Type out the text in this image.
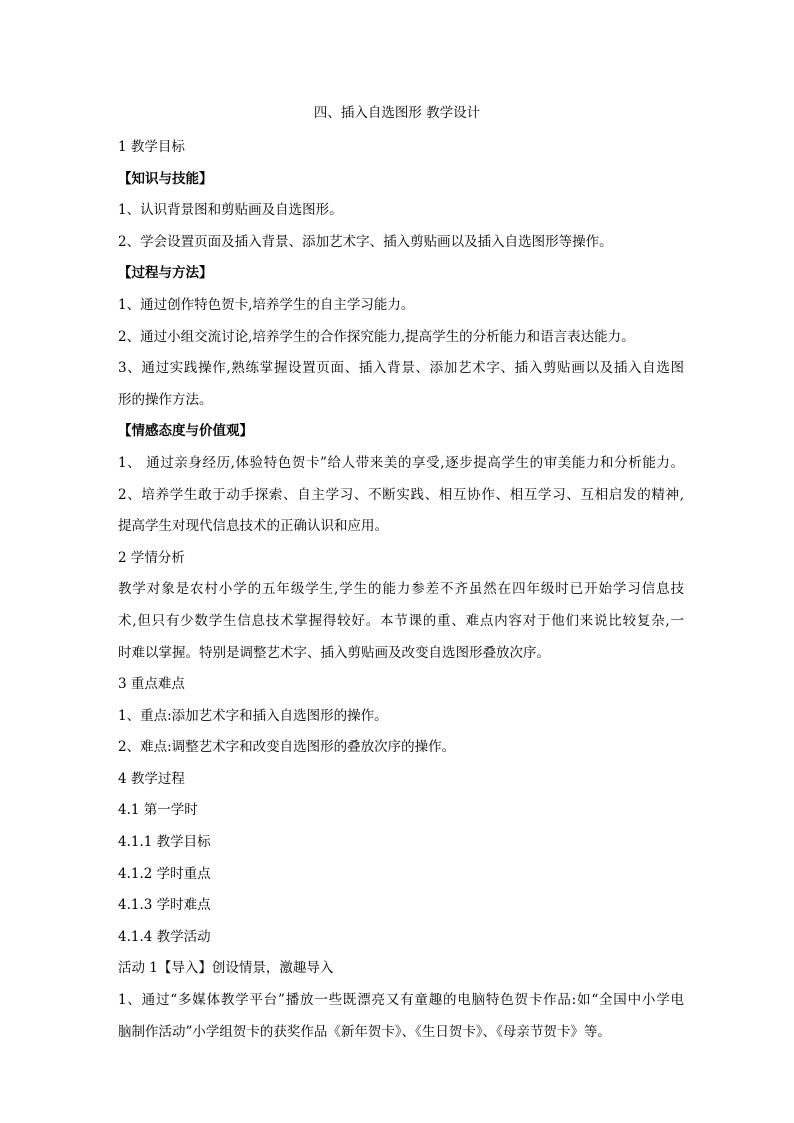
四、插入自选图形 教学设计
1 教学目标
【知识与技能】
1、认识背景图和剪贴画及自选图形。
2、学会设置页面及插入背景、添加艺术字、插入剪贴画以及插入自选图形等操作。
【过程与方法】
1、通过创作特色贺卡,培养学生的自主学习能力。
2、通过小组交流讨论,培养学生的合作探究能力,提高学生的分析能力和语言表达能力。
3、通过实践操作,熟练掌握设置页面、插入背景、添加艺术字、插入剪贴画以及插入自选图
形的操作方法。
【情感态度与价值观】
1、 通过亲身经历,体验特色贺卡”给人带来美的享受,逐步提高学生的审美能力和分析能力。
2、培养学生敢于动手探索、自主学习、不断实践、相互协作、相互学习、互相启发的精神,
提高学生对现代信息技术的正确认识和应用。
2 学情分析
教学对象是农村小学的五年级学生,学生的能力参差不齐虽然在四年级时已开始学习信息技
术,但只有少数学生信息技术掌握得较好。本节课的重、难点内容对于他们来说比较复杂,一
时难以掌握。特别是调整艺术字、插入剪贴画及改变自选图形叠放次序。
3 重点难点
1、重点:添加艺术字和插入自选图形的操作。
2、难点:调整艺术字和改变自选图形的叠放次序的操作。
4 教学过程
4.1 第一学时
4.1.1 教学目标
4.1.2 学时重点
4.1.3 学时难点
4.1.4 教学活动
活动 1【导入】创设情景，激趣导入
1、通过“多媒体教学平台”播放一些既漂亮又有童趣的电脑特色贺卡作品:如“全国中小学电
脑制作活动”小学组贺卡的获奖作品《新年贺卡》、《生日贺卡》、《母亲节贺卡》等。
